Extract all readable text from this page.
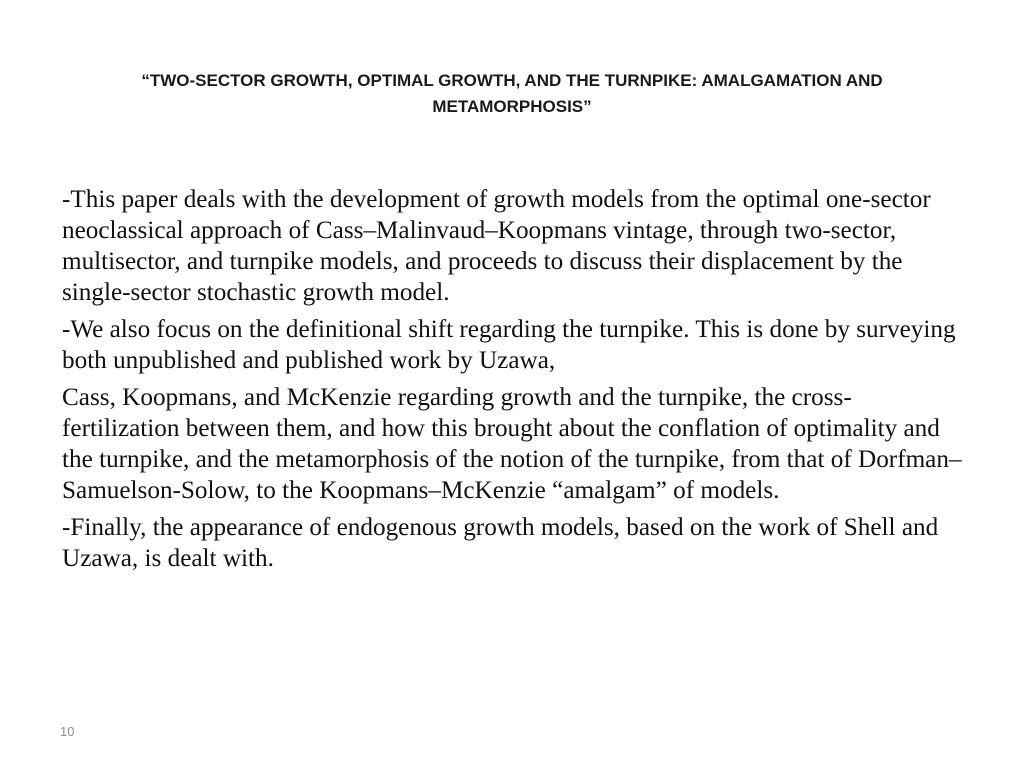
“TWO-SECTOR GROWTH, OPTIMAL GROWTH, AND THE TURNPIKE: AMALGAMATION AND METAMORPHOSIS”

-This paper deals with the development of growth models from the optimal one-sector neoclassical approach of Cass–Malinvaud–Koopmans vintage, through two-sector, multisector, and turnpike models, and proceeds to discuss their displacement by the single-sector stochastic growth model.

-We also focus on the definitional shift regarding the turnpike. This is done by surveying both unpublished and published work by Uzawa,

Cass, Koopmans, and McKenzie regarding growth and the turnpike, the cross-fertilization between them, and how this brought about the conflation of optimality and the turnpike, and the metamorphosis of the notion of the turnpike, from that of Dorfman–Samuelson-Solow, to the Koopmans–McKenzie “amalgam” of models.

-Finally, the appearance of endogenous growth models, based on the work of Shell and Uzawa, is dealt with.

10
